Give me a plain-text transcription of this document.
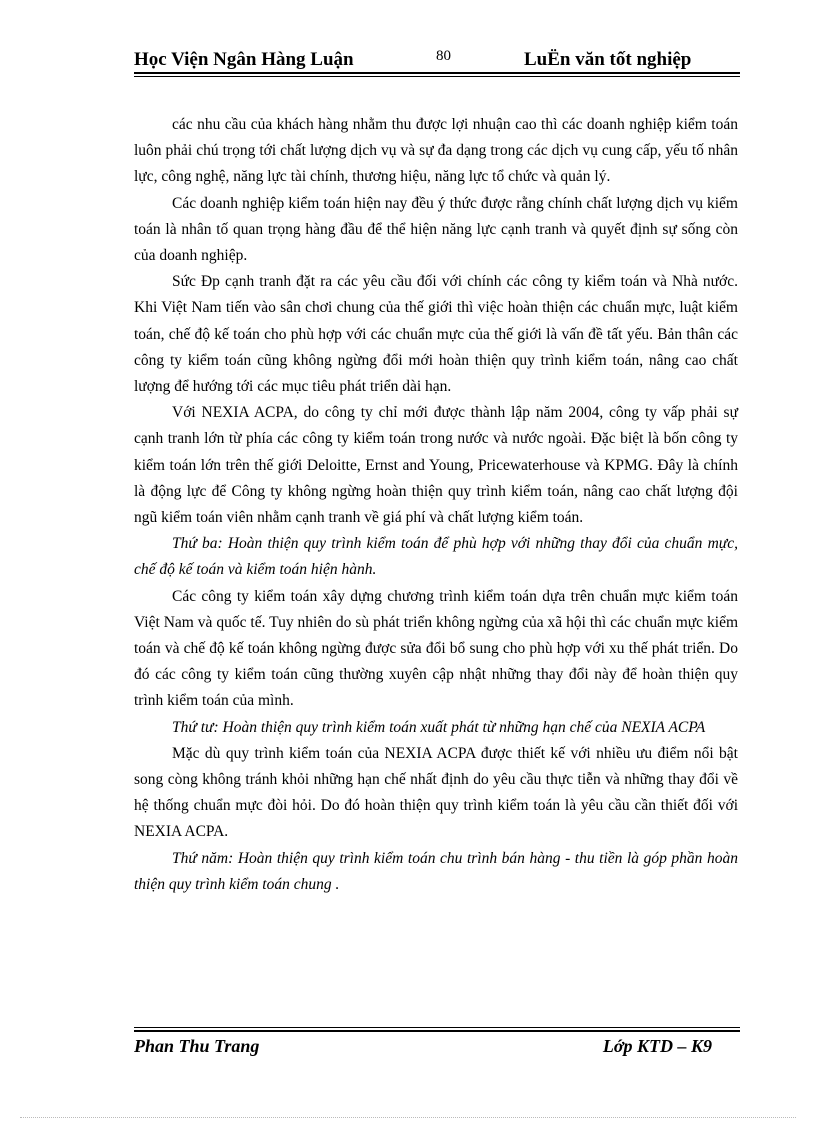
Học Viện Ngân Hàng Luận	80	LuËn văn tốt nghiệp

các nhu cầu của khách hàng nhằm thu được lợi nhuận cao thì các doanh nghiệp kiểm toán luôn phải chú trọng tới chất lượng dịch vụ và sự đa dạng trong các dịch vụ cung cấp, yếu tố nhân lực, công nghệ, năng lực tài chính, thương hiệu, năng lực tổ chức và quản lý.

Các doanh nghiệp kiểm toán hiện nay đều ý thức được rằng chính chất lượng dịch vụ kiểm toán là nhân tố quan trọng hàng đầu để thể hiện năng lực cạnh tranh và quyết định sự sống còn của doanh nghiệp.

Sức Ðp cạnh tranh đặt ra các yêu cầu đối với chính các công ty kiểm toán và Nhà nước. Khi Việt Nam tiến vào sân chơi chung của thế giới thì việc hoàn thiện các chuẩn mực, luật kiểm toán, chế độ kế toán cho phù hợp với các chuẩn mực của thế giới là vấn đề tất yếu. Bản thân các công ty kiểm toán cũng không ngừng đổi mới hoàn thiện quy trình kiểm toán, nâng cao chất lượng để hướng tới các mục tiêu phát triển dài hạn.

Với NEXIA ACPA, do công ty chỉ mới được thành lập năm 2004, công ty vấp phải sự cạnh tranh lớn từ phía các công ty kiểm toán trong nước và nước ngoài. Đặc biệt là bốn công ty kiểm toán lớn trên thế giới Deloitte, Ernst and Young, Pricewaterhouse và KPMG. Đây là chính là động lực để Công ty không ngừng hoàn thiện quy trình kiểm toán, nâng cao chất lượng đội ngũ kiểm toán viên nhằm cạnh tranh về giá phí và chất lượng kiểm toán.

Thứ ba: Hoàn thiện quy trình kiểm toán để phù hợp với những thay đổi của chuẩn mực, chế độ kế toán và kiểm toán hiện hành.

Các công ty kiểm toán xây dựng chương trình kiểm toán dựa trên chuẩn mực kiểm toán Việt Nam và quốc tế. Tuy nhiên do sù phát triển không ngừng của xã hội thì các chuẩn mực kiểm toán và chế độ kế toán không ngừng được sửa đổi bổ sung cho phù hợp với xu thế phát triển. Do đó các công ty kiểm toán cũng thường xuyên cập nhật những thay đổi này để hoàn thiện quy trình kiểm toán của mình.

Thứ tư: Hoàn thiện quy trình kiểm toán xuất phát từ những hạn chế của NEXIA ACPA

Mặc dù quy trình kiểm toán của NEXIA ACPA được thiết kế với nhiều ưu điểm nổi bật song còng không tránh khỏi những hạn chế nhất định do yêu cầu thực tiễn và những thay đổi về hệ thống chuẩn mực đòi hỏi. Do đó hoàn thiện quy trình kiểm toán là yêu cầu cần thiết đối với NEXIA ACPA.

Thứ năm: Hoàn thiện quy trình kiểm toán chu trình bán hàng - thu tiền là góp phần hoàn thiện quy trình kiểm toán chung .

Phan Thu Trang	Lớp KTD – K9
